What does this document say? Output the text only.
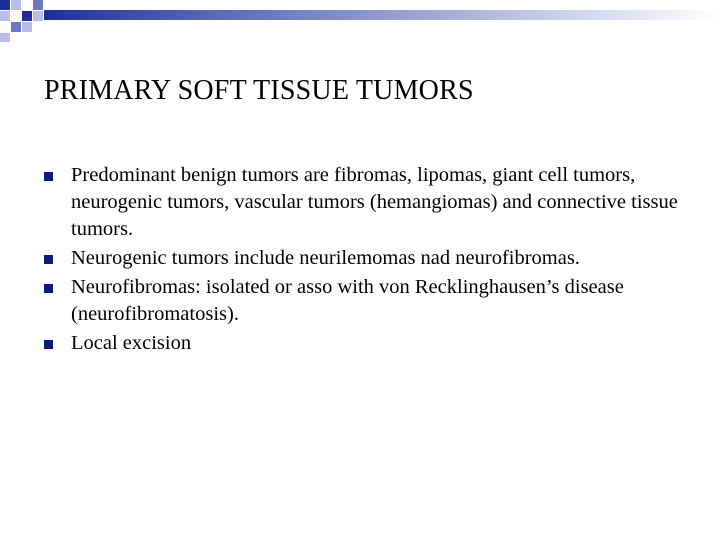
PRIMARY SOFT TISSUE TUMORS
Predominant benign tumors are fibromas, lipomas, giant cell tumors, neurogenic tumors, vascular tumors (hemangiomas) and connective tissue tumors.
Neurogenic tumors include neurilemomas nad neurofibromas.
Neurofibromas: isolated or asso with von Recklinghausen’s disease (neurofibromatosis).
Local excision
